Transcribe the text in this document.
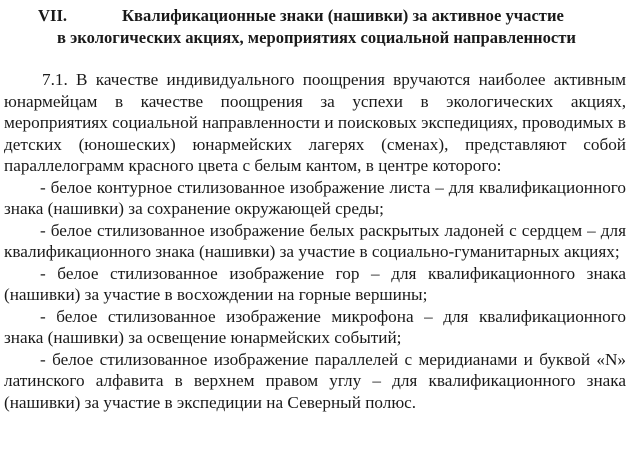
VII.	Квалификационные знаки (нашивки) за активное участие
в экологических акциях, мероприятиях социальной направленности

7.1. В качестве индивидуального поощрения вручаются наиболее активным юнармейцам в качестве поощрения за успехи в экологических акциях, мероприятиях социальной направленности и поисковых экспедициях, проводимых в детских (юношеских) юнармейских лагерях (сменах), представляют собой параллелограмм красного цвета с белым кантом, в центре которого:

- белое контурное стилизованное изображение листа – для квалификационного знака (нашивки) за сохранение окружающей среды;

- белое стилизованное изображение белых раскрытых ладоней с сердцем – для квалификационного знака (нашивки) за участие в социально-гуманитарных акциях;

- белое стилизованное изображение гор – для квалификационного знака (нашивки) за участие в восхождении на горные вершины;

- белое стилизованное изображение микрофона – для квалификационного знака (нашивки) за освещение юнармейских событий;

- белое стилизованное изображение параллелей с меридианами и буквой «N» латинского алфавита в верхнем правом углу – для квалификационного знака (нашивки) за участие в экспедиции на Северный полюс.
